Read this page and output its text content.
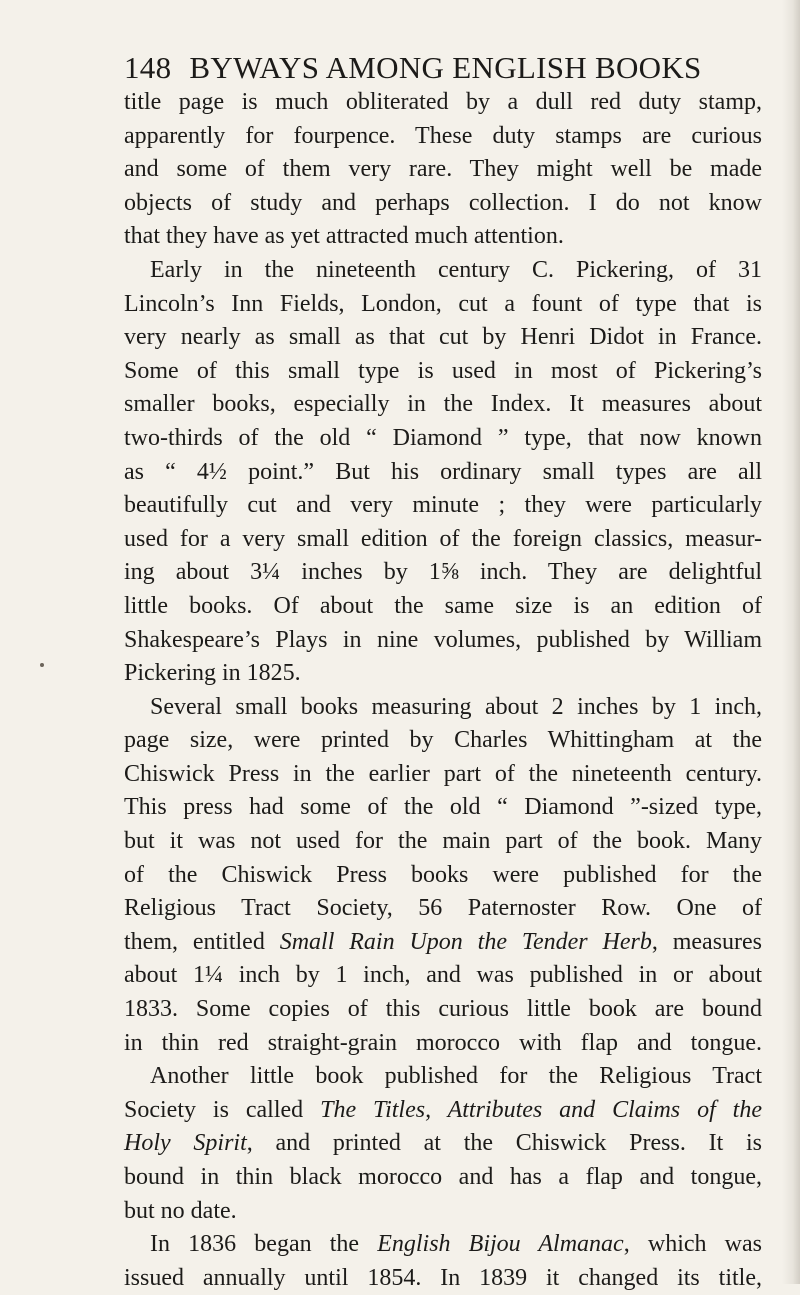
148 BYWAYS AMONG ENGLISH BOOKS
title page is much obliterated by a dull red duty stamp,
apparently for fourpence. These duty stamps are curious
and some of them very rare. They might well be made
objects of study and perhaps collection. I do not know
that they have as yet attracted much attention.
Early in the nineteenth century C. Pickering, of 31
Lincoln’s Inn Fields, London, cut a fount of type that is
very nearly as small as that cut by Henri Didot in France.
Some of this small type is used in most of Pickering’s
smaller books, especially in the Index. It measures about
two-thirds of the old “ Diamond ” type, that now known
as “ 4½ point.” But his ordinary small types are all
beautifully cut and very minute ; they were particularly
used for a very small edition of the foreign classics, measur-
ing about 3¼ inches by 1⅝ inch. They are delightful
little books. Of about the same size is an edition of
Shakespeare’s Plays in nine volumes, published by William
Pickering in 1825.
Several small books measuring about 2 inches by 1 inch,
page size, were printed by Charles Whittingham at the
Chiswick Press in the earlier part of the nineteenth century.
This press had some of the old “ Diamond ”-sized type,
but it was not used for the main part of the book. Many
of the Chiswick Press books were published for the
Religious Tract Society, 56 Paternoster Row. One of
them, entitled Small Rain Upon the Tender Herb, measures
about 1¼ inch by 1 inch, and was published in or about
1833. Some copies of this curious little book are bound
in thin red straight-grain morocco with flap and tongue.
Another little book published for the Religious Tract
Society is called The Titles, Attributes and Claims of the
Holy Spirit, and printed at the Chiswick Press. It is
bound in thin black morocco and has a flap and tongue,
but no date.
In 1836 began the English Bijou Almanac, which was
issued annually until 1854. In 1839 it changed its title,
